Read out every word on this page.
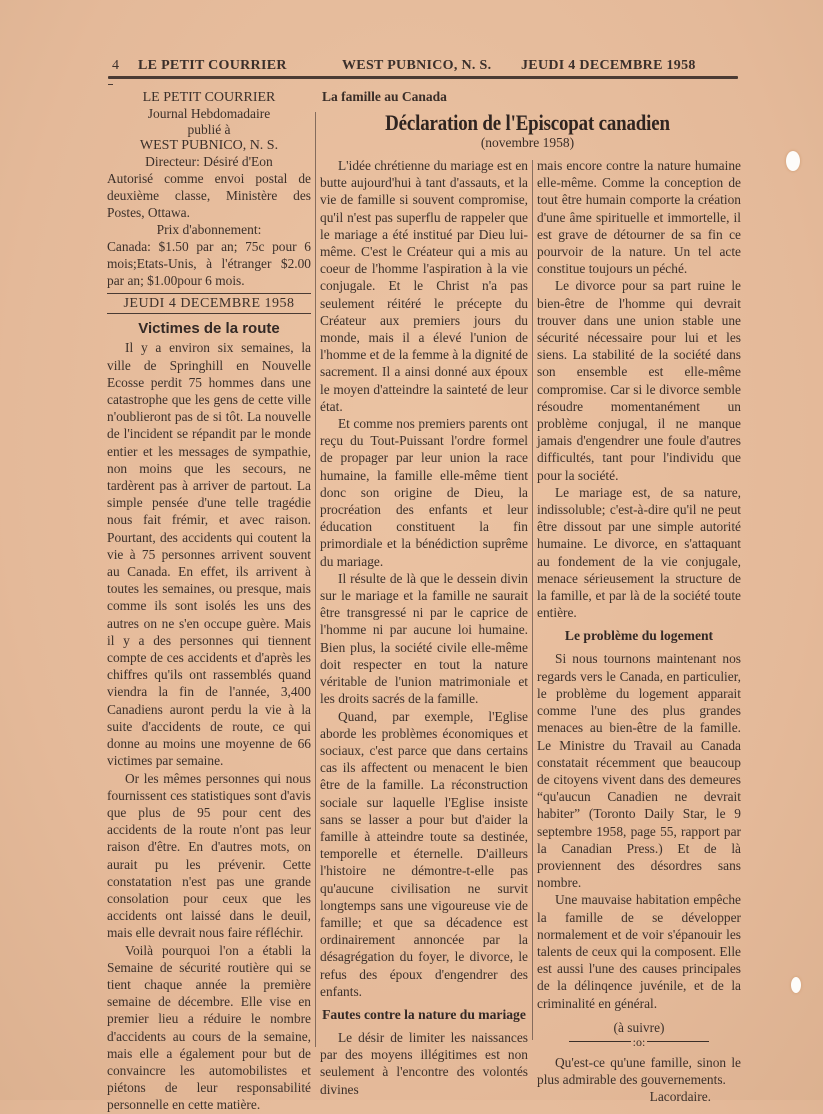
4 LE PETIT COURRIER	WEST PUBNICO, N. S. JEUDI 4 DECEMBRE 1958
LE PETIT COURRIER
Journal Hebdomadaire
publié à
WEST PUBNICO, N. S.
Directeur: Désiré d'Eon

Autorisé comme envoi postal de deuxième classe, Ministère des Postes, Ottawa.

Prix d'abonnement:

Canada: $1.50 par an; 75c pour 6 mois;Etats-Unis, à l'étranger $2.00 par an; $1.00pour 6 mois.

JEUDI 4 DECEMBRE 1958
Victimes de la route

Il y a environ six semaines, la ville de Springhill en Nouvelle Ecosse perdit 75 hommes dans une catastrophe que les gens de cette ville n'oublieront pas de si tôt. La nouvelle de l'incident se répandit par le monde entier et les messages de sympathie, non moins que les secours, ne tardèrent pas à arriver de partout. La simple pensée d'une telle tragédie nous fait frémir, et avec raison. Pourtant, des accidents qui coutent la vie à 75 personnes arrivent souvent au Canada. En effet, ils arrivent à toutes les semaines, ou presque, mais comme ils sont isolés les uns des autres on ne s'en occupe guère. Mais il y a des personnes qui tiennent compte de ces accidents et d'après les chiffres qu'ils ont rassemblés quand viendra la fin de l'année, 3,400 Canadiens auront perdu la vie à la suite d'accidents de route, ce qui donne au moins une moyenne de 66 victimes par semaine.

Or les mêmes personnes qui nous fournissent ces statistiques sont d'avis que plus de 95 pour cent des accidents de la route n'ont pas leur raison d'être. En d'autres mots, on aurait pu les prévenir. Cette constatation n'est pas une grande consolation pour ceux que les accidents ont laissé dans le deuil, mais elle devrait nous faire réfléchir.

Voilà pourquoi l'on a établi la Semaine de sécurité routière qui se tient chaque année la première semaine de décembre. Elle vise en premier lieu a réduire le nombre d'accidents au cours de la semaine, mais elle a également pour but de convaincre les automobilistes et piétons de leur responsabilité personnelle en cette matière.

La famille au Canada
Déclaration de l'Episcopat canadien
(novembre 1958)

L'idée chrétienne du mariage est en butte aujourd'hui à tant d'assauts, et la vie de famille si souvent compromise, qu'il n'est pas superflu de rappeler que le mariage a été institué par Dieu lui-même. C'est le Créateur qui a mis au coeur de l'homme l'aspiration à la vie conjugale. Et le Christ n'a pas seulement réitéré le précepte du Créateur aux premiers jours du monde, mais il a élevé l'union de l'homme et de la femme à la dignité de sacrement. Il a ainsi donné aux époux le moyen d'atteindre la sainteté de leur état.

Et comme nos premiers parents ont reçu du Tout-Puissant l'ordre formel de propager par leur union la race humaine, la famille elle-même tient donc son origine de Dieu, la procréation des enfants et leur éducation constituent la fin primordiale et la bénédiction suprême du mariage.

Il résulte de là que le dessein divin sur le mariage et la famille ne saurait être transgressé ni par le caprice de l'homme ni par aucune loi humaine. Bien plus, la société civile elle-même doit respecter en tout la nature véritable de l'union matrimoniale et les droits sacrés de la famille.

Quand, par exemple, l'Eglise aborde les problèmes économiques et sociaux, c'est parce que dans certains cas ils affectent ou menacent le bien être de la famille. La réconstruction sociale sur laquelle l'Eglise insiste sans se lasser a pour but d'aider la famille à atteindre toute sa destinée, temporelle et éternelle. D'ailleurs l'histoire ne démontre-t-elle pas qu'aucune civilisation ne survit longtemps sans une vigoureuse vie de famille; et que sa décadence est ordinairement annoncée par la désagrégation du foyer, le divorce, le refus des époux d'engendrer des enfants.

Fautes contre la nature du mariage

Le désir de limiter les naissances par des moyens illégitimes est non seulement à l'encontre des volontés divines

mais encore contre la nature humaine elle-même. Comme la conception de tout être humain comporte la création d'une âme spirituelle et immortelle, il est grave de détourner de sa fin ce pourvoir de la nature. Un tel acte constitue toujours un péché.

Le divorce pour sa part ruine le bien-être de l'homme qui devrait trouver dans une union stable une sécurité nécessaire pour lui et les siens. La stabilité de la société dans son ensemble est elle-même compromise. Car si le divorce semble résoudre momentanément un problème conjugal, il ne manque jamais d'engendrer une foule d'autres difficultés, tant pour l'individu que pour la société.

Le mariage est, de sa nature, indissoluble; c'est-à-dire qu'il ne peut être dissout par une simple autorité humaine. Le divorce, en s'attaquant au fondement de la vie conjugale, menace sérieusement la structure de la famille, et par là de la société toute entière.

Le problème du logement

Si nous tournons maintenant nos regards vers le Canada, en particulier, le problème du logement apparait comme l'une des plus grandes menaces au bien-être de la famille. Le Ministre du Travail au Canada constatait récemment que beaucoup de citoyens vivent dans des demeures “qu'aucun Canadien ne devrait habiter” (Toronto Daily Star, le 9 septembre 1958, page 55, rapport par la Canadian Press.) Et de là proviennent des désordres sans nombre.

Une mauvaise habitation empêche la famille de se développer normalement et de voir s'épanouir les talents de ceux qui la composent. Elle est aussi l'une des causes principales de la délinqence juvénile, et de la criminalité en général.

(à suivre)
:o:

Qu'est-ce qu'une famille, sinon le plus admirable des gouvernements.

Lacordaire.
